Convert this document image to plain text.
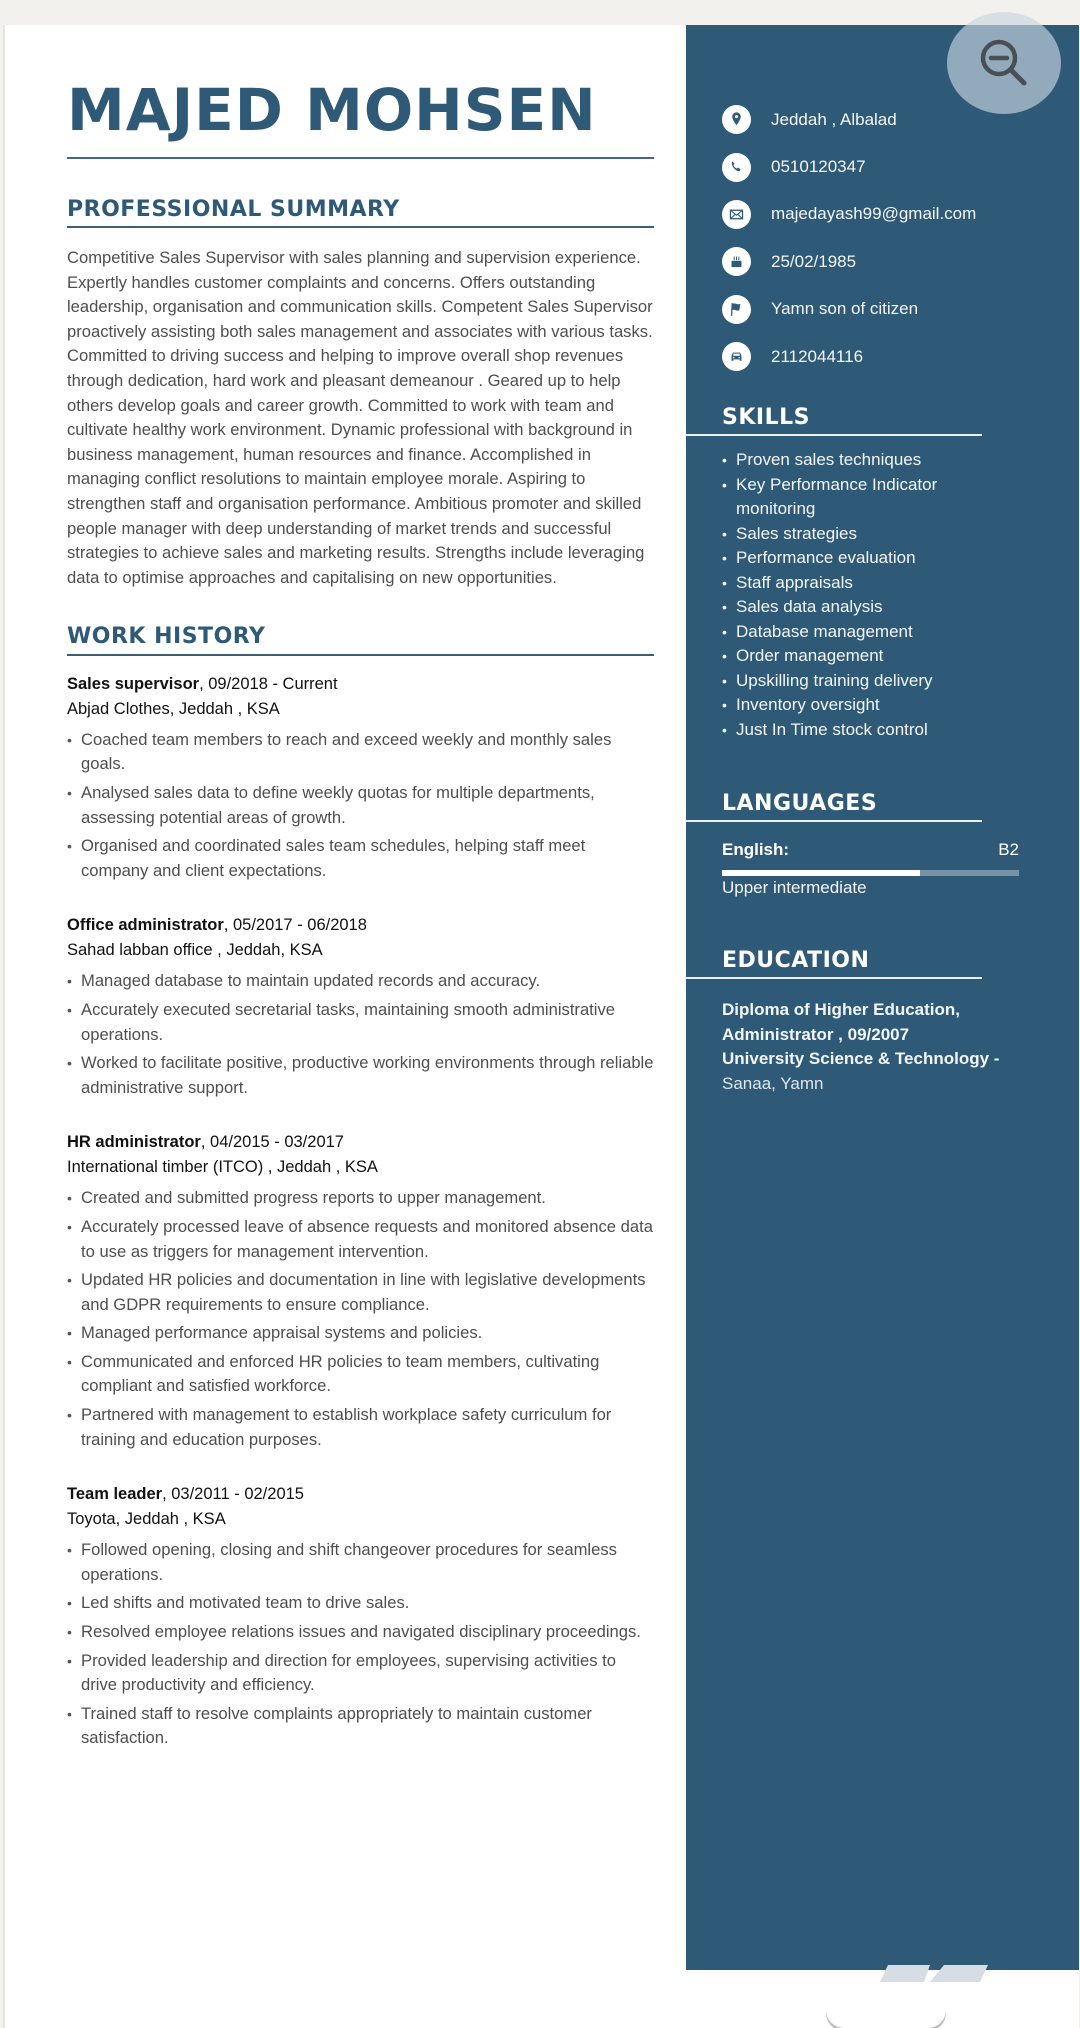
MAJED MOHSEN
PROFESSIONAL SUMMARY

Competitive Sales Supervisor with sales planning and supervision experience. Expertly handles customer complaints and concerns. Offers outstanding leadership, organisation and communication skills. Competent Sales Supervisor proactively assisting both sales management and associates with various tasks. Committed to driving success and helping to improve overall shop revenues through dedication, hard work and pleasant demeanour . Geared up to help others develop goals and career growth. Committed to work with team and cultivate healthy work environment. Dynamic professional with background in business management, human resources and finance. Accomplished in managing conflict resolutions to maintain employee morale. Aspiring to strengthen staff and organisation performance. Ambitious promoter and skilled people manager with deep understanding of market trends and successful strategies to achieve sales and marketing results. Strengths include leveraging data to optimise approaches and capitalising on new opportunities.

WORK HISTORY
Sales supervisor, 09/2018 - Current
Abjad Clothes, Jeddah , KSA
• Coached team members to reach and exceed weekly and monthly sales goals.
• Analysed sales data to define weekly quotas for multiple departments, assessing potential areas of growth.
• Organised and coordinated sales team schedules, helping staff meet company and client expectations.
Office administrator, 05/2017 - 06/2018
Sahad labban office , Jeddah, KSA
• Managed database to maintain updated records and accuracy.
• Accurately executed secretarial tasks, maintaining smooth administrative operations.
• Worked to facilitate positive, productive working environments through reliable administrative support.
HR administrator, 04/2015 - 03/2017
International timber (ITCO) , Jeddah , KSA
• Created and submitted progress reports to upper management.
• Accurately processed leave of absence requests and monitored absence data to use as triggers for management intervention.
• Updated HR policies and documentation in line with legislative developments and GDPR requirements to ensure compliance.
• Managed performance appraisal systems and policies.
• Communicated and enforced HR policies to team members, cultivating compliant and satisfied workforce.
• Partnered with management to establish workplace safety curriculum for training and education purposes.
Team leader, 03/2011 - 02/2015
Toyota, Jeddah , KSA
• Followed opening, closing and shift changeover procedures for seamless operations.
• Led shifts and motivated team to drive sales.
• Resolved employee relations issues and navigated disciplinary proceedings.
• Provided leadership and direction for employees, supervising activities to drive productivity and efficiency.
• Trained staff to resolve complaints appropriately to maintain customer satisfaction.
Jeddah , Albalad
0510120347
majedayash99@gmail.com
25/02/1985
Yamn son of citizen
2112044116
SKILLS
• Proven sales techniques
• Key Performance Indicator monitoring
• Sales strategies
• Performance evaluation
• Staff appraisals
• Sales data analysis
• Database management
• Order management
• Upskilling training delivery
• Inventory oversight
• Just In Time stock control
LANGUAGES
English:	B2
Upper intermediate
EDUCATION
Diploma of Higher Education, Administrator , 09/2007
University Science & Technology -
Sanaa, Yamn
